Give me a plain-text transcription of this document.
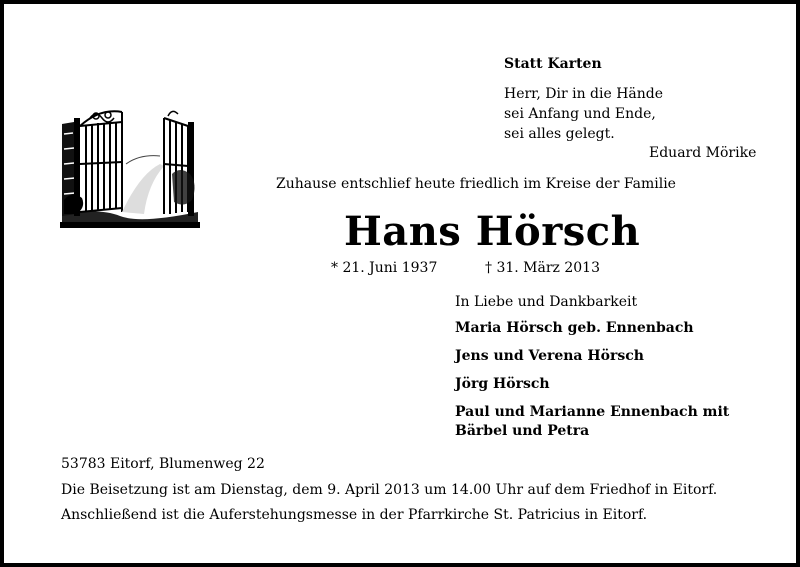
Statt Karten
Herr, Dir in die Hände
sei Anfang und Ende,
sei alles gelegt.
Eduard Mörike
Zuhause entschlief heute friedlich im Kreise der Familie
Hans Hörsch
* 21. Juni 1937	† 31. März 2013
In Liebe und Dankbarkeit
Maria Hörsch geb. Ennenbach
Jens und Verena Hörsch
Jörg Hörsch
Paul und Marianne Ennenbach mit
Bärbel und Petra
53783 Eitorf, Blumenweg 22
Die Beisetzung ist am Dienstag, dem 9. April 2013 um 14.00 Uhr auf dem Friedhof in Eitorf.
Anschließend ist die Auferstehungsmesse in der Pfarrkirche St. Patricius in Eitorf.
